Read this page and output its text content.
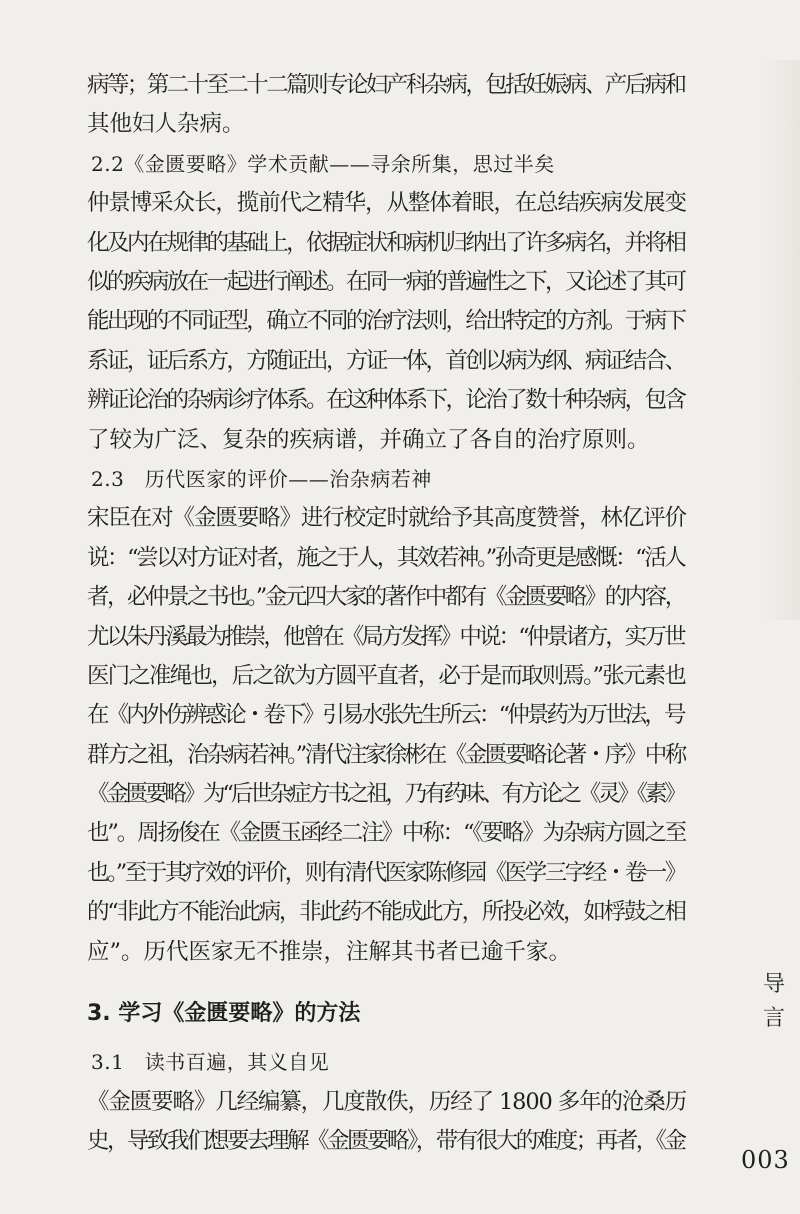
病等；第二十至二十二篇则专论妇产科杂病，包括妊娠病、产后病和
其他妇人杂病。
2.2《金匮要略》学术贡献——寻余所集，思过半矣
仲景博采众长，揽前代之精华，从整体着眼，在总结疾病发展变
化及内在规律的基础上，依据症状和病机归纳出了许多病名，并将相
似的疾病放在一起进行阐述。在同一病的普遍性之下，又论述了其可
能出现的不同证型，确立不同的治疗法则，给出特定的方剂。于病下
系证，证后系方，方随证出，方证一体，首创以病为纲、病证结合、
辨证论治的杂病诊疗体系。在这种体系下，论治了数十种杂病，包含
了较为广泛、复杂的疾病谱，并确立了各自的治疗原则。
2.3　历代医家的评价——治杂病若神
宋臣在对《金匮要略》进行校定时就给予其高度赞誉，林亿评价
说：“尝以对方证对者，施之于人，其效若神。”孙奇更是感慨：“活人
者，必仲景之书也。”金元四大家的著作中都有《金匮要略》的内容，
尤以朱丹溪最为推崇，他曾在《局方发挥》中说：“仲景诸方，实万世
医门之准绳也，后之欲为方圆平直者，必于是而取则焉。”张元素也
在《内外伤辨惑论・卷下》引易水张先生所云：“仲景药为万世法，号
群方之祖，治杂病若神。”清代注家徐彬在《金匮要略论著・序》中称
《金匮要略》为“后世杂症方书之祖，乃有药味、有方论之《灵》《素》
也”。周扬俊在《金匮玉函经二注》中称：“《要略》为杂病方圆之至
也。”至于其疗效的评价，则有清代医家陈修园《医学三字经・卷一》
的“非此方不能治此病，非此药不能成此方，所投必效，如桴鼓之相
应”。历代医家无不推崇，注解其书者已逾千家。
3. 学习《金匮要略》的方法
3.1　读书百遍，其义自见
《金匮要略》几经编纂，几度散佚，历经了 1800 多年的沧桑历
史，导致我们想要去理解《金匮要略》，带有很大的难度；再者，《金
导
言
003
